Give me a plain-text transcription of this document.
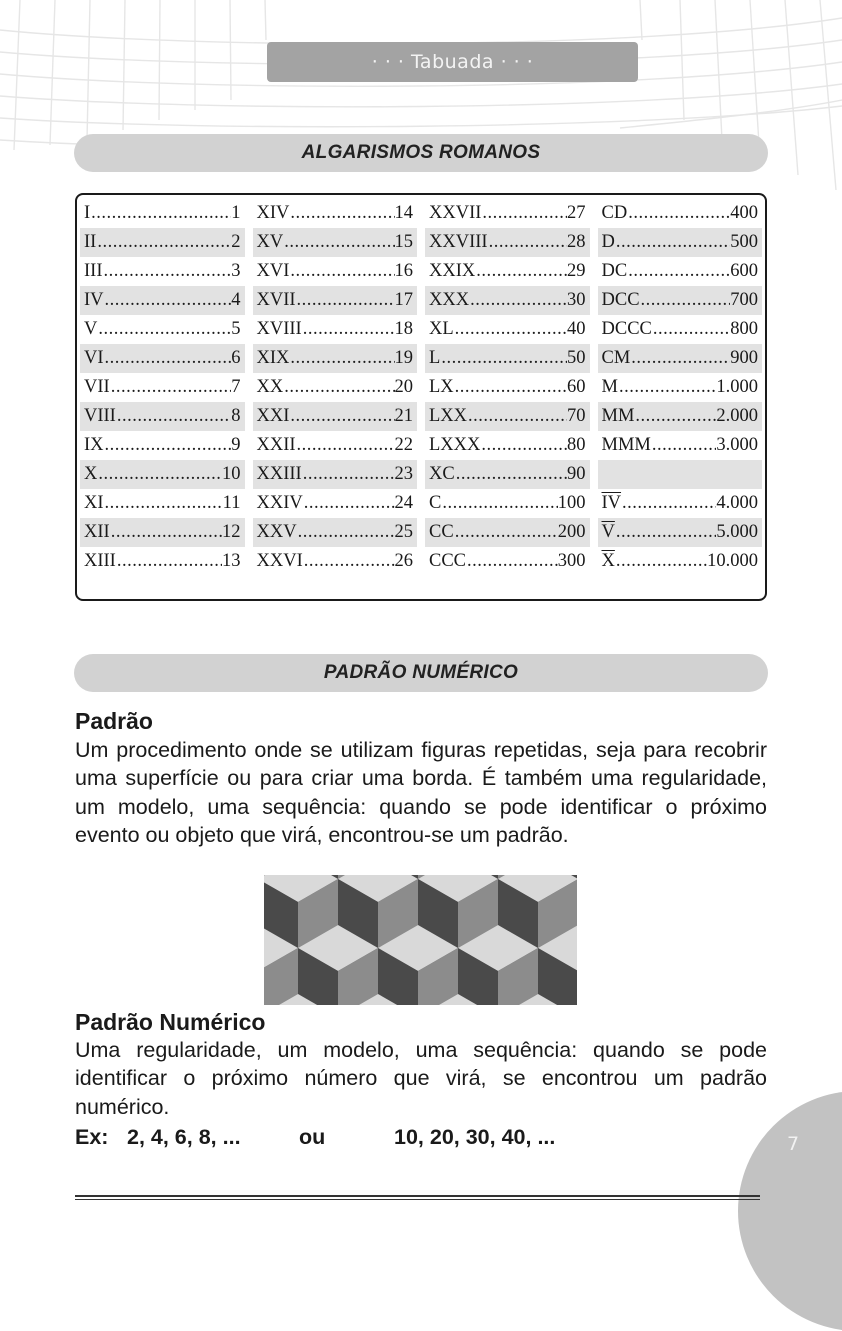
· · · Tabuada · · ·
ALGARISMOS ROMANOS
I .....	1 XIV .....	14 XXVII .....	27 CD .....	400
II .....	2 XV .....	15 XXVIII .....	28 D .....	500
III .....	3 XVI .....	16 XXIX .....	29 DC .....	600
IV .....	4 XVII .....	17 XXX .....	30 DCC .....	700
V .....	5 XVIII .....	18 XL .....	40 DCCC .....	800
VI .....	6 XIX .....	19 L .....	50 CM .....	900
VII .....	7 XX .....	20 LX .....	60 M .....	1.000
VIII .....	8 XXI .....	21 LXX .....	70 MM .....	2.000
IX .....	9 XXII .....	22 LXXX .....	80 MMM .....	3.000
X .....	10 XXIII .....	23 XC .....	90
XI .....	11 XXIV .....	24 C .....	100 $\overline{IV}$ .....	4.000
XII .....	12 XXV .....	25 CC .....	200 $\overline{V}$ .....	5.000
XIII .....	13 XXVI .....	26 CCC .....	300 $\overline{X}$ .....	10.000
PADRÃO NUMÉRICO
Padrão

Um procedimento onde se utilizam figuras repetidas, seja para recobrir uma superfície ou para criar uma borda. É também uma regularidade, um modelo, uma sequência: quando se pode identificar o próximo evento ou objeto que virá, encontrou-se um padrão.

Padrão Numérico

Uma regularidade, um modelo, uma sequência: quando se pode identificar o próximo número que virá, se encontrou um padrão numérico.

Ex: 2, 4, 6, 8, ...	ou	10, 20, 30, 40, ...	7
